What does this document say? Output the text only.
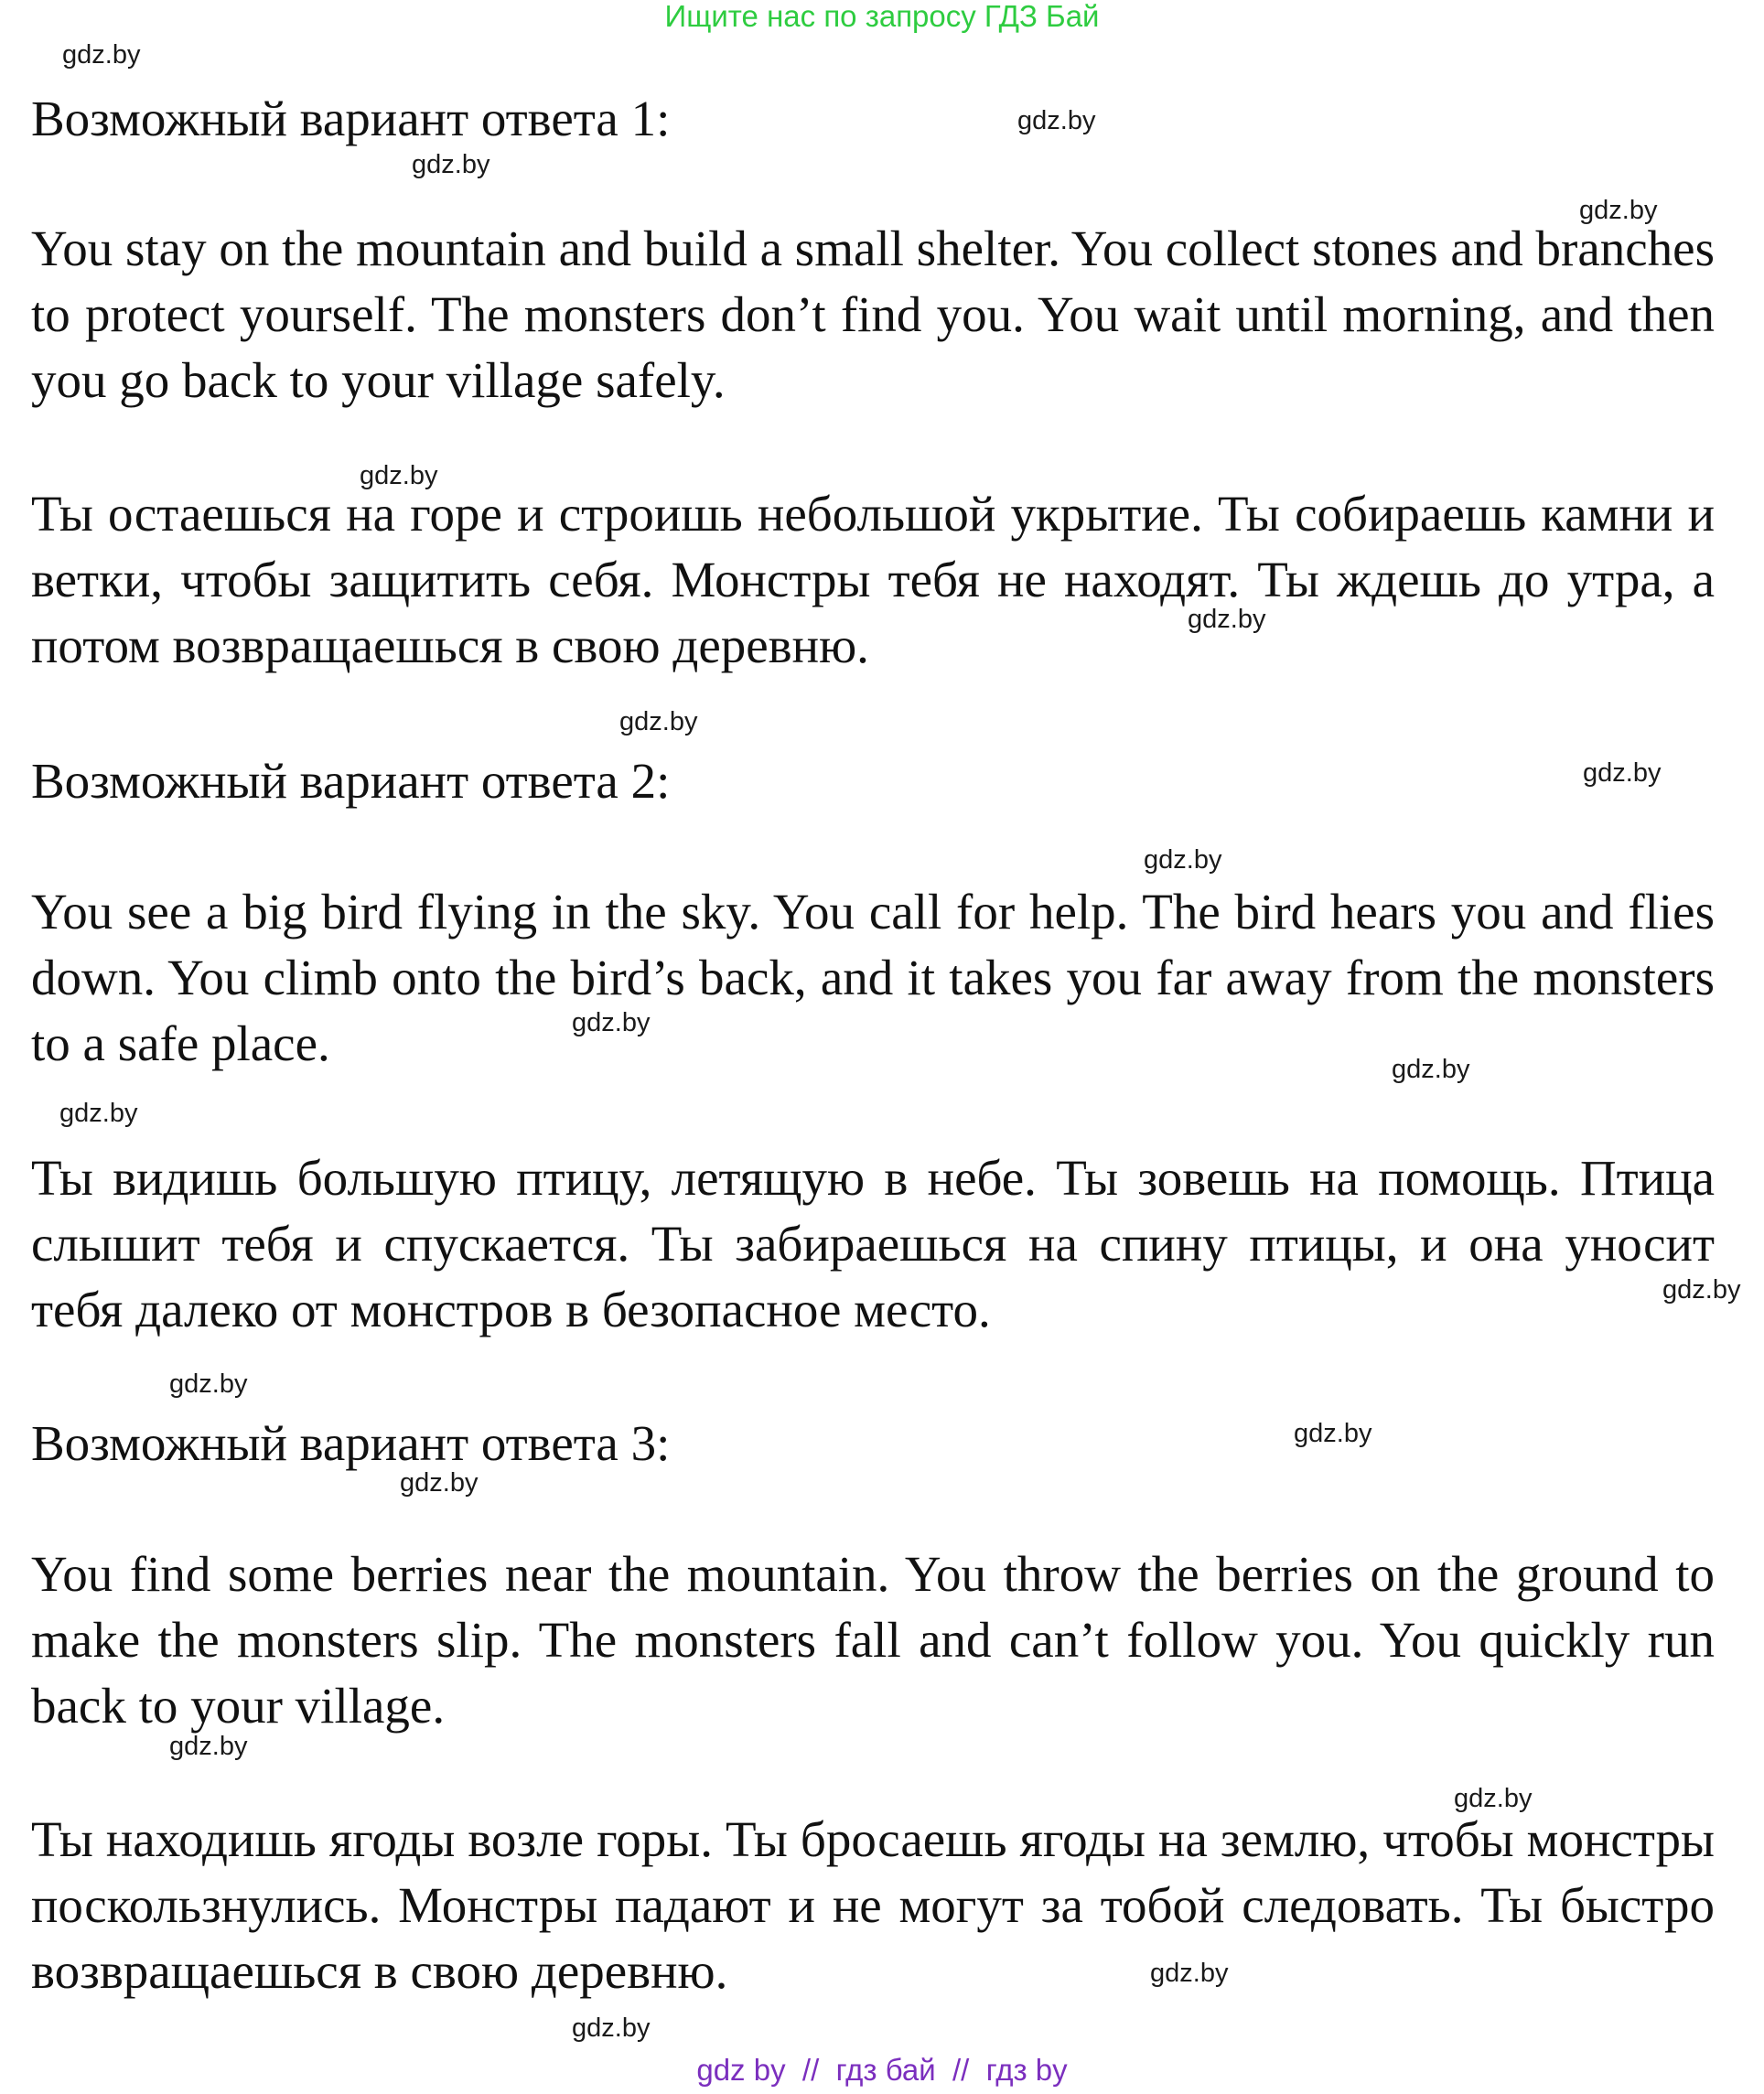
Ищите нас по запросу ГДЗ Бай
gdz.by
gdz.by
gdz.by
gdz.by
gdz.by
gdz.by
gdz.by
gdz.by
gdz.by
gdz.by
gdz.by
gdz.by
gdz.by
gdz.by
gdz.by
gdz.by
gdz.by
gdz.by
gdz.by
gdz.by
Возможный вариант ответа 1:

You stay on the mountain and build a small shelter. You collect stones and branches to protect yourself. The monsters don’t find you. You wait until morning, and then you go back to your village safely.

Ты остаешься на горе и строишь небольшой укрытие. Ты собираешь камни и ветки, чтобы защитить себя. Монстры тебя не находят. Ты ждешь до утра, а потом возвращаешься в свою деревню.

Возможный вариант ответа 2:

You see a big bird flying in the sky. You call for help. The bird hears you and flies down. You climb onto the bird’s back, and it takes you far away from the monsters to a safe place.

Ты видишь большую птицу, летящую в небе. Ты зовешь на помощь. Птица слышит тебя и спускается. Ты забираешься на спину птицы, и она уносит тебя далеко от монстров в безопасное место.

Возможный вариант ответа 3:

You find some berries near the mountain. You throw the berries on the ground to make the monsters slip. The monsters fall and can’t follow you. You quickly run back to your village.

Ты находишь ягоды возле горы. Ты бросаешь ягоды на землю, чтобы монстры поскользнулись. Монстры падают и не могут за тобой следовать. Ты быстро возвращаешься в свою деревню.

gdz by // гдз бай // гдз by
